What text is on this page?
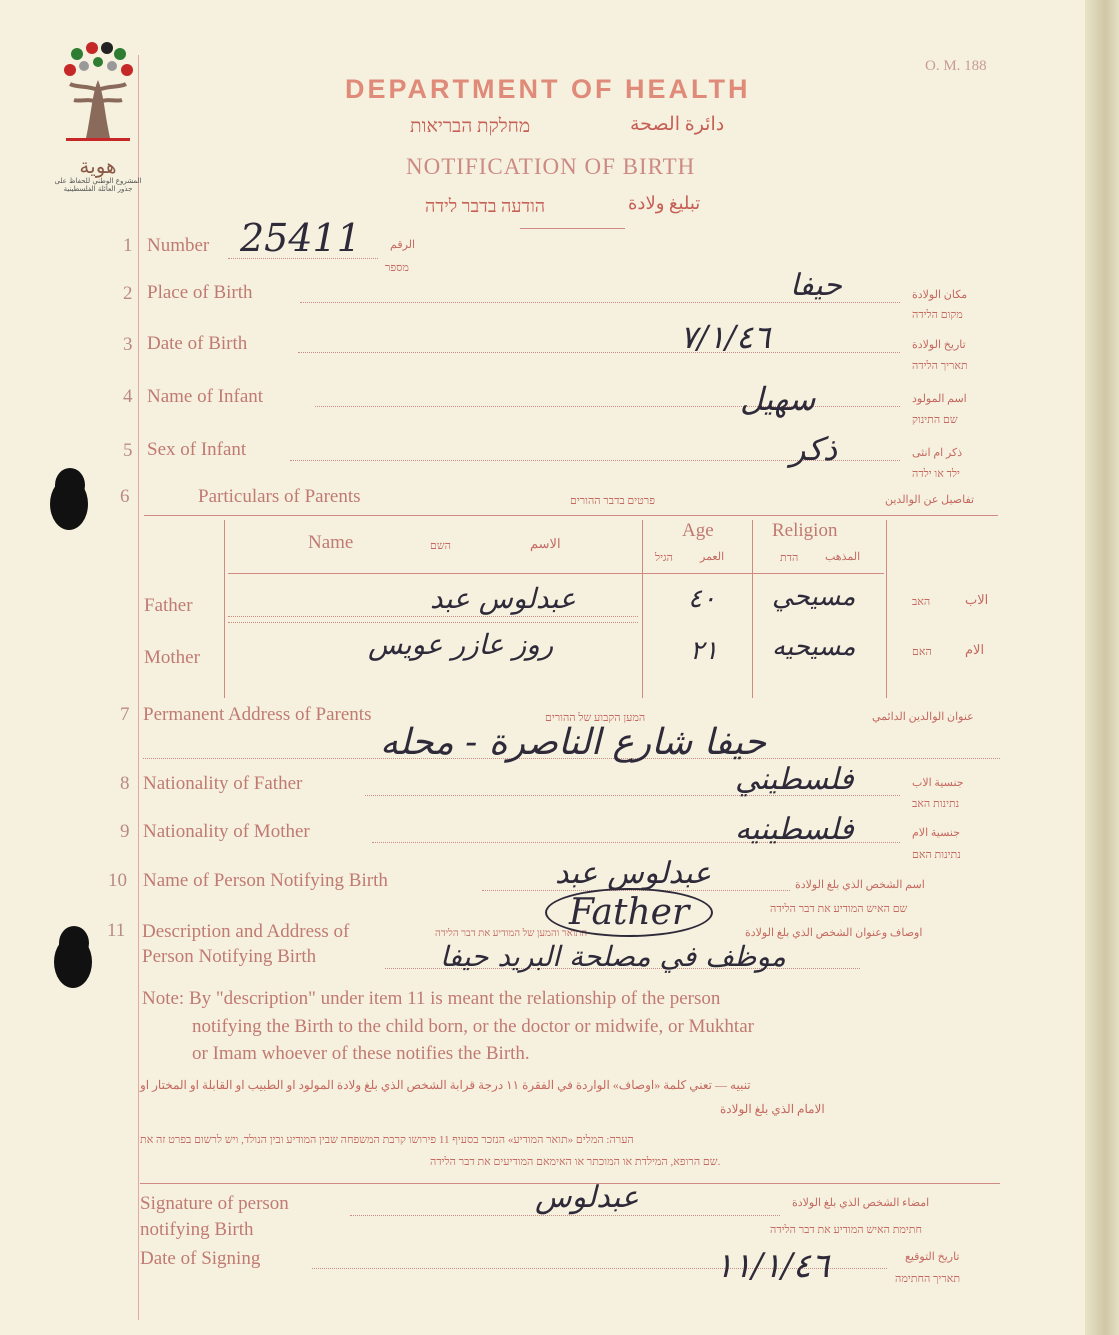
هوية
المشروع الوطني للحفاظ على
جذور العائلة الفلسطينية
O. M. 188
DEPARTMENT OF HEALTH
מחלקת הבריאות	دائرة الصحة
NOTIFICATION OF BIRTH
הודעה בדבר לידה	تبليغ ولادة
1 Number 25411	الرقم
מספר
2 Place of Birth	حيفا	مكان الولادة
מקום הלידה
3 Date of Birth	٧/١/٤٦	تاريخ الولادة
תאריך הלידה
4 Name of Infant	سهيل	اسم المولود
שם התינוק
5 Sex of Infant	ذكر	ذكر ام انثى
ילד או ילדה
6	Particulars of Parents	פרטים בדבר ההורים	تفاصيل عن الوالدين
Name	השם	الاسم
Age
العمر
הגיל
Religion
المذهب
הדת
Father	عبدلوس عبد	٤٠ مسيحي	الاب
האב
Mother	روز عازر عويس	٢١ مسيحيه	الام
האם
7 Permanent Address of Parents	המען הקבוע של ההורים	عنوان الوالدين الدائمي
حيفا شارع الناصرة - محله
8 Nationality of Father	فلسطيني	جنسية الاب
נתינות האב
9 Nationality of Mother	فلسطينيه	جنسية الام
נתינות האם
10 Name of Person Notifying Birth	عبدلوس عبد	اسم الشخص الذي بلغ الولادة
שם האיש המודיע את דבר הלידה
11 Description and Address of
Person Notifying Birth
התואר והמען של המודיע את דבר הלידה	اوصاف وعنوان الشخص الذي بلغ الولادة
Father
موظف في مصلحة البريد حيفا
Note: By "description" under item 11 is meant the relationship of the person
notifying the Birth to the child born, or the doctor or midwife, or Mukhtar
or Imam whoever of these notifies the Birth.
تنبيه — تعني كلمة «اوصاف» الواردة في الفقرة ١١ درجة قرابة الشخص الذي بلغ ولادة المولود او الطبيب او القابلة او المختار او
الامام الذي بلغ الولادة
הערה: המלים «תואר המודיע» הנזכר בסעיף 11 פירושו קרבת המשפחה שבין המודיע ובין הנולד, ויש לרשום בפרט זה את
שם הרופא, המילדת או המוכתר או האימאם המודיעים את דבר הלידה.
Signature of person
notifying Birth
عبدلوس	امضاء الشخص الذي بلغ الولادة
חתימת האיש המודיע את דבר הלידה
Date of Signing	١١/١/٤٦	تاريخ التوقيع
תאריך החתימה
